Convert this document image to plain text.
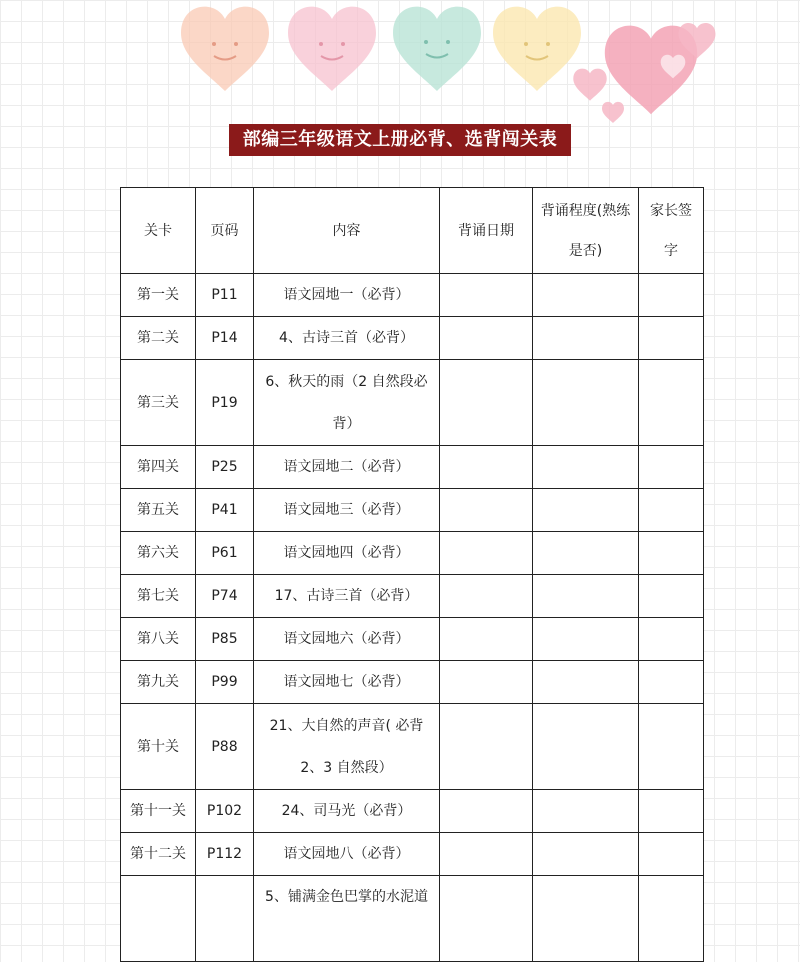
部编三年级语文上册必背、选背闯关表
关卡	页码	内容	背诵日期	背诵程度(熟练是否)	家长签字
第一关	P11	语文园地一（必背）			
第二关	P14	4、古诗三首（必背）			
第三关	P19	6、秋天的雨（2 自然段必背）			
第四关	P25	语文园地二（必背）			
第五关	P41	语文园地三（必背）			
第六关	P61	语文园地四（必背）			
第七关	P74	17、古诗三首（必背）			
第八关	P85	语文园地六（必背）			
第九关	P99	语文园地七（必背）			
第十关	P88	21、大自然的声音( 必背 2、3 自然段）			
第十一关	P102	24、司马光（必背）			
第十二关	P112	语文园地八（必背）			
		5、铺满金色巴掌的水泥道			
